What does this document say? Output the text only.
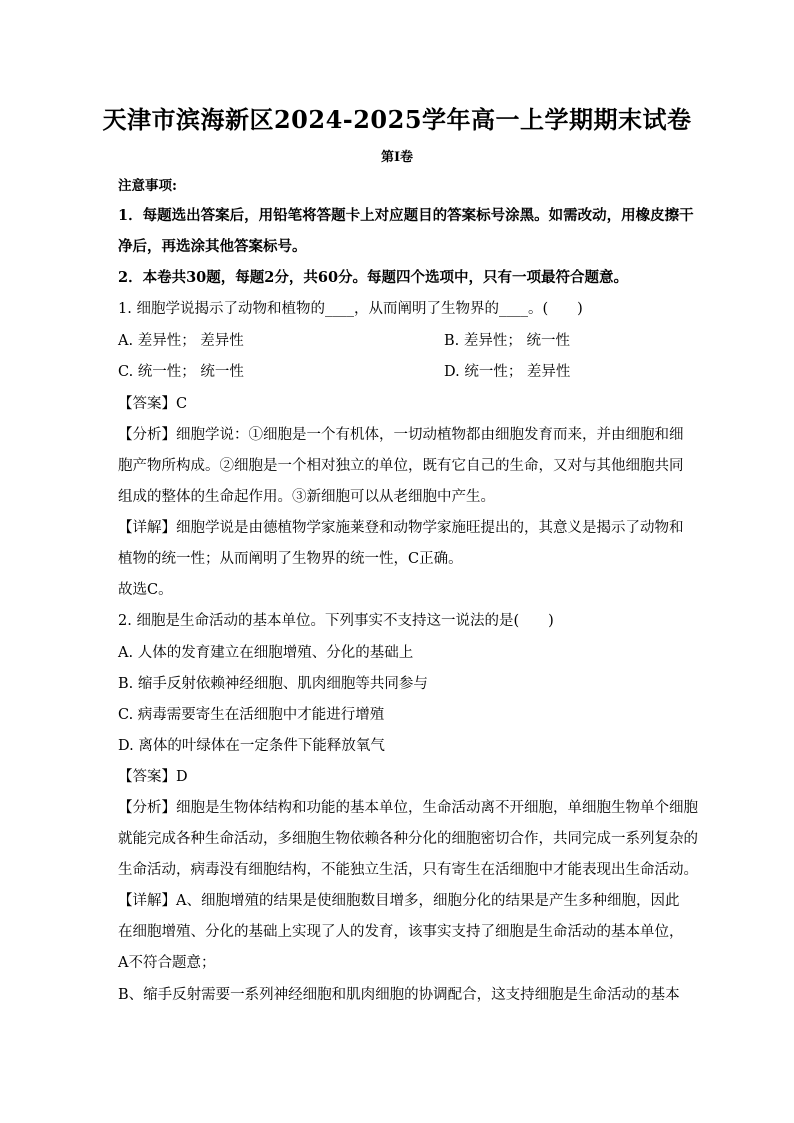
天津市滨海新区2024-2025学年高一上学期期末试卷
第I卷
注意事项:
1．每题选出答案后，用铅笔将答题卡上对应题目的答案标号涂黑。如需改动，用橡皮擦干
净后，再选涂其他答案标号。
2．本卷共30题，每题2分，共60分。每题四个选项中，只有一项最符合题意。
1. 细胞学说揭示了动物和植物的____，从而阐明了生物界的____。(　　)
A. 差异性； 差异性	B. 差异性； 统一性
C. 统一性； 统一性	D. 统一性； 差异性
【答案】C
【分析】细胞学说：①细胞是一个有机体，一切动植物都由细胞发育而来，并由细胞和细
胞产物所构成。②细胞是一个相对独立的单位，既有它自己的生命，又对与其他细胞共同
组成的整体的生命起作用。③新细胞可以从老细胞中产生。
【详解】细胞学说是由德植物学家施莱登和动物学家施旺提出的，其意义是揭示了动物和
植物的统一性；从而阐明了生物界的统一性，C正确。
故选C。
2. 细胞是生命活动的基本单位。下列事实不支持这一说法的是(　　)
A. 人体的发育建立在细胞增殖、分化的基础上
B. 缩手反射依赖神经细胞、肌肉细胞等共同参与
C. 病毒需要寄生在活细胞中才能进行增殖
D. 离体的叶绿体在一定条件下能释放氧气
【答案】D
【分析】细胞是生物体结构和功能的基本单位，生命活动离不开细胞，单细胞生物单个细胞
就能完成各种生命活动，多细胞生物依赖各种分化的细胞密切合作，共同完成一系列复杂的
生命活动，病毒没有细胞结构，不能独立生活，只有寄生在活细胞中才能表现出生命活动。
【详解】A、细胞增殖的结果是使细胞数目增多，细胞分化的结果是产生多种细胞，因此
在细胞增殖、分化的基础上实现了人的发育，该事实支持了细胞是生命活动的基本单位，
A不符合题意；
B、缩手反射需要一系列神经细胞和肌肉细胞的协调配合，这支持细胞是生命活动的基本
